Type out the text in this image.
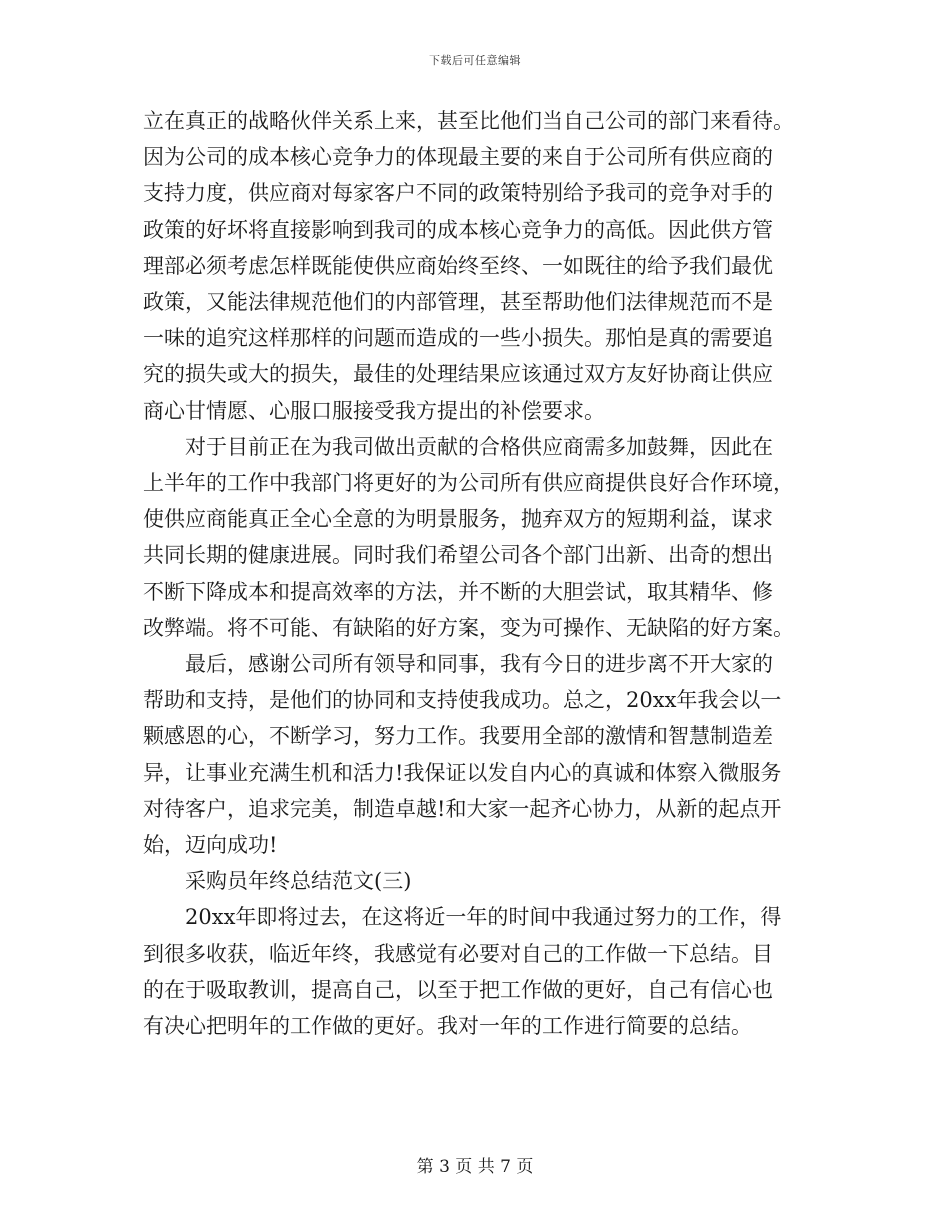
下载后可任意编辑
立在真正的战略伙伴关系上来，甚至比他们当自己公司的部门来看待。
因为公司的成本核心竞争力的体现最主要的来自于公司所有供应商的
支持力度，供应商对每家客户不同的政策特别给予我司的竞争对手的
政策的好坏将直接影响到我司的成本核心竞争力的高低。因此供方管
理部必须考虑怎样既能使供应商始终至终、一如既往的给予我们最优
政策，又能法律规范他们的内部管理，甚至帮助他们法律规范而不是
一味的追究这样那样的问题而造成的一些小损失。那怕是真的需要追
究的损失或大的损失，最佳的处理结果应该通过双方友好协商让供应
商心甘情愿、心服口服接受我方提出的补偿要求。
对于目前正在为我司做出贡献的合格供应商需多加鼓舞，因此在
上半年的工作中我部门将更好的为公司所有供应商提供良好合作环境，
使供应商能真正全心全意的为明景服务，抛弃双方的短期利益，谋求
共同长期的健康进展。同时我们希望公司各个部门出新、出奇的想出
不断下降成本和提高效率的方法，并不断的大胆尝试，取其精华、修
改弊端。将不可能、有缺陷的好方案，变为可操作、无缺陷的好方案。
最后，感谢公司所有领导和同事，我有今日的进步离不开大家的
帮助和支持，是他们的协同和支持使我成功。总之，20xx年我会以一
颗感恩的心，不断学习，努力工作。我要用全部的激情和智慧制造差
异，让事业充满生机和活力!我保证以发自内心的真诚和体察入微服务
对待客户，追求完美，制造卓越!和大家一起齐心协力，从新的起点开
始，迈向成功!
采购员年终总结范文(三)
20xx年即将过去，在这将近一年的时间中我通过努力的工作，得
到很多收获，临近年终，我感觉有必要对自己的工作做一下总结。目
的在于吸取教训，提高自己，以至于把工作做的更好，自己有信心也
有决心把明年的工作做的更好。我对一年的工作进行简要的总结。
第 3 页 共 7 页
